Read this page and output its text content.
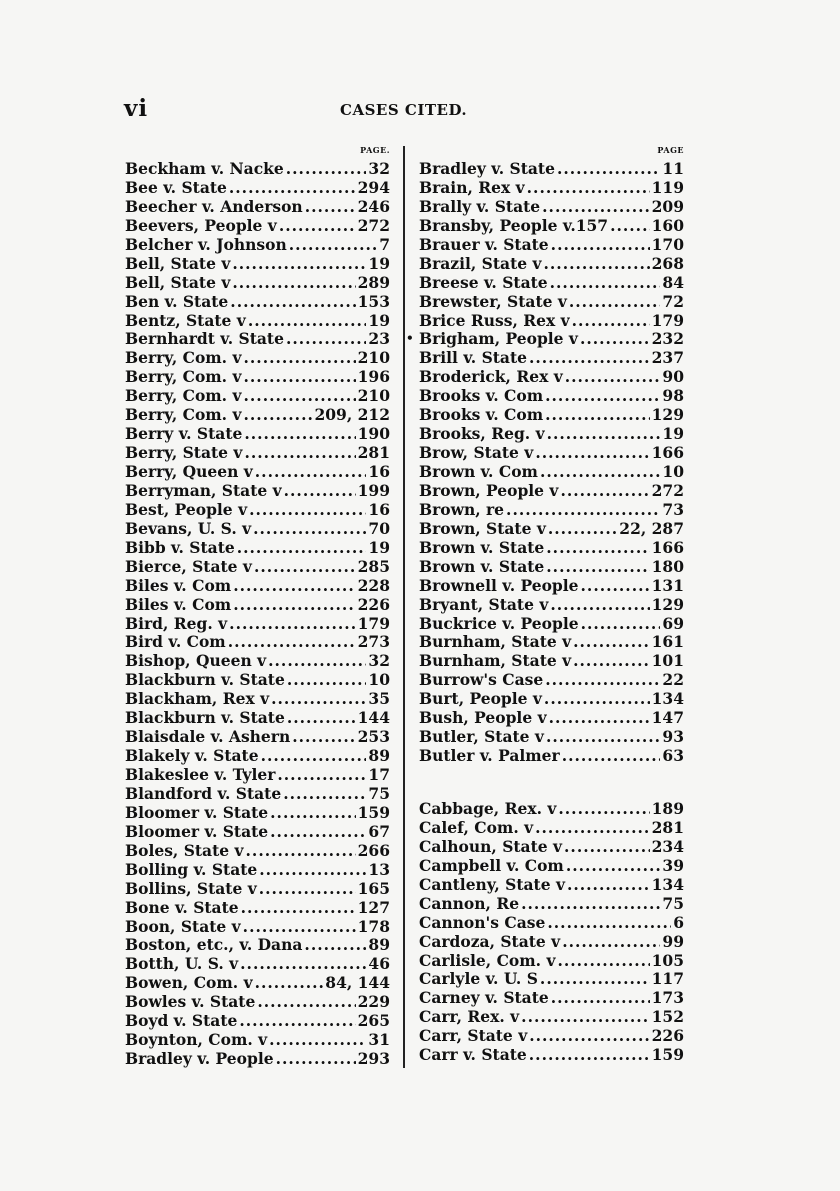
vi	CASES CITED.
PAGE.
Beckham v. Nacke .....	32
Bee v. State .....	294
Beecher v. Anderson .....	246
Beevers, People v .....	272
Belcher v. Johnson .....	7
Bell, State v .....	19
Bell, State v .....	289
Ben v. State .....	153
Bentz, State v .....	19
Bernhardt v. State .....	23
Berry, Com. v .....	210
Berry, Com. v .....	196
Berry, Com. v .....	210
Berry, Com. v .....	209, 212
Berry v. State .....	190
Berry, State v .....	281
Berry, Queen v .....	16
Berryman, State v .....	199
Best, People v .....	16
Bevans, U. S. v .....	70
Bibb v. State .....	19
Bierce, State v .....	285
Biles v. Com .....	228
Biles v. Com .....	226
Bird, Reg. v .....	179
Bird v. Com .....	273
Bishop, Queen v .....	32
Blackburn v. State .....	10
Blackham, Rex v .....	35
Blackburn v. State .....	144
Blaisdale v. Ashern .....	253
Blakely v. State .....	89
Blakeslee v. Tyler .....	17
Blandford v. State .....	75
Bloomer v. State .....	159
Bloomer v. State .....	67
Boles, State v .....	266
Bolling v. State .....	13
Bollins, State v .....	165
Bone v. State .....	127
Boon, State v .....	178
Boston, etc., v. Dana .....	89
Botth, U. S. v .....	46
Bowen, Com. v .....	84, 144
Bowles v. State .....	229
Boyd v. State .....	265
Boynton, Com. v .....	31
Bradley v. People .....	293
•
PAGE
Bradley v. State .....	11
Brain, Rex v .....	119
Brally v. State .....	209
Bransby, People v.157 .....	160
Brauer v. State .....	170
Brazil, State v .....	268
Breese v. State .....	84
Brewster, State v .....	72
Brice Russ, Rex v .....	179
Brigham, People v .....	232
Brill v. State .....	237
Broderick, Rex v .....	90
Brooks v. Com .....	98
Brooks v. Com .....	129
Brooks, Reg. v .....	19
Brow, State v .....	166
Brown v. Com .....	10
Brown, People v .....	272
Brown, re .....	73
Brown, State v .....	22, 287
Brown v. State .....	166
Brown v. State .....	180
Brownell v. People .....	131
Bryant, State v .....	129
Buckrice v. People .....	69
Burnham, State v .....	161
Burnham, State v .....	101
Burrow's Case .....	22
Burt, People v .....	134
Bush, People v .....	147
Butler, State v .....	93
Butler v. Palmer .....	63
Cabbage, Rex. v .....	189
Calef, Com. v .....	281
Calhoun, State v .....	234
Campbell v. Com .....	39
Cantleny, State v .....	134
Cannon, Re .....	75
Cannon's Case .....	6
Cardoza, State v .....	99
Carlisle, Com. v .....	105
Carlyle v. U. S .....	117
Carney v. State .....	173
Carr, Rex. v .....	152
Carr, State v .....	226
Carr v. State .....	159
